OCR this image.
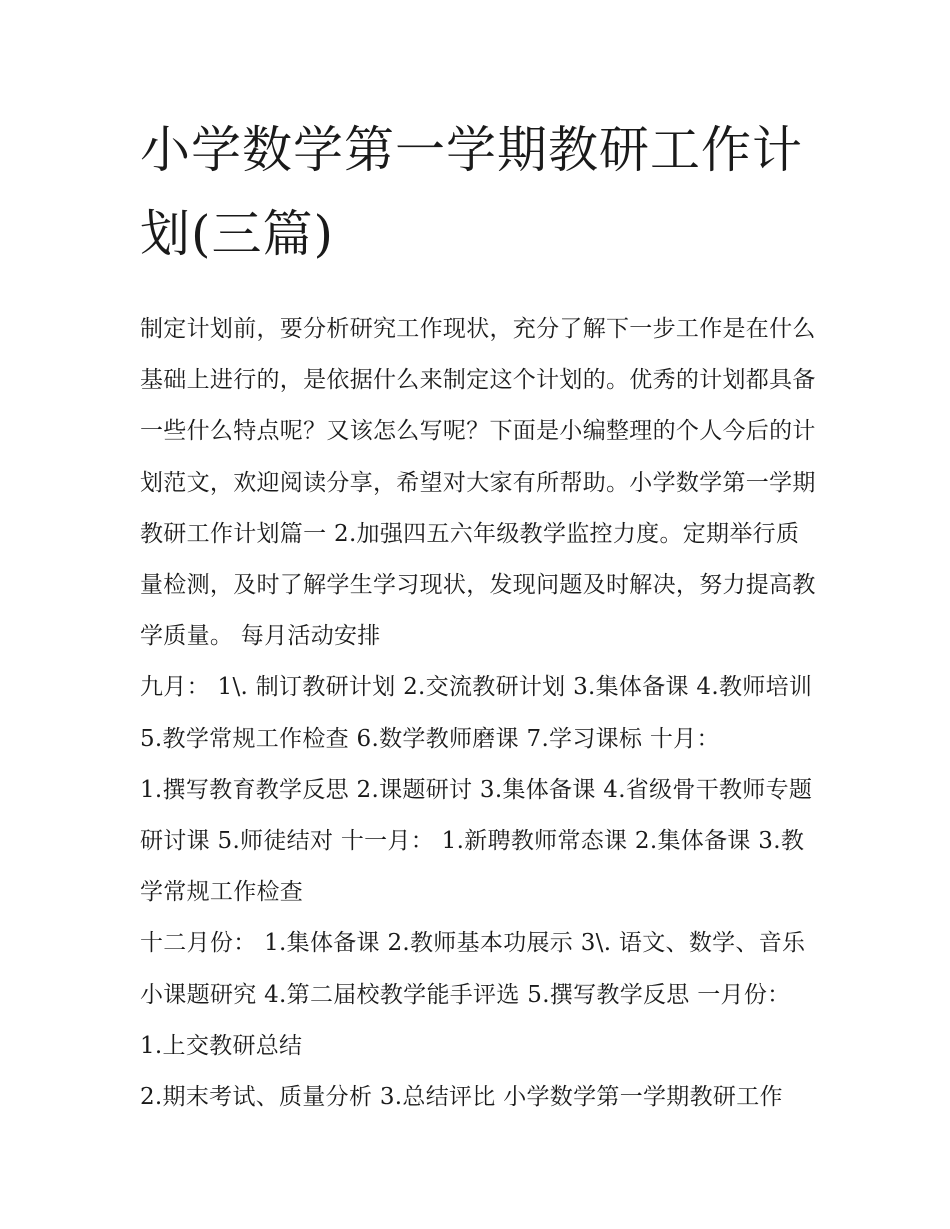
小学数学第一学期教研工作计划(三篇)

制定计划前，要分析研究工作现状，充分了解下一步工作是在什么基础上进行的，是依据什么来制定这个计划的。优秀的计划都具备一些什么特点呢？又该怎么写呢？下面是小编整理的个人今后的计划范文，欢迎阅读分享，希望对大家有所帮助。小学数学第一学期教研工作计划篇一 2.加强四五六年级教学监控力度。定期举行质量检测，及时了解学生学习现状，发现问题及时解决，努力提高教学质量。 每月活动安排

九月： 1\. 制订教研计划 2.交流教研计划 3.集体备课 4.教师培训 5.教学常规工作检查 6.数学教师磨课 7.学习课标 十月：

1.撰写教育教学反思 2.课题研讨 3.集体备课 4.省级骨干教师专题研讨课 5.师徒结对 十一月： 1.新聘教师常态课 2.集体备课 3.教学常规工作检查

十二月份： 1.集体备课 2.教师基本功展示 3\. 语文、数学、音乐小课题研究 4.第二届校教学能手评选 5.撰写教学反思 一月份： 1.上交教研总结

2.期末考试、质量分析 3.总结评比 小学数学第一学期教研工作
